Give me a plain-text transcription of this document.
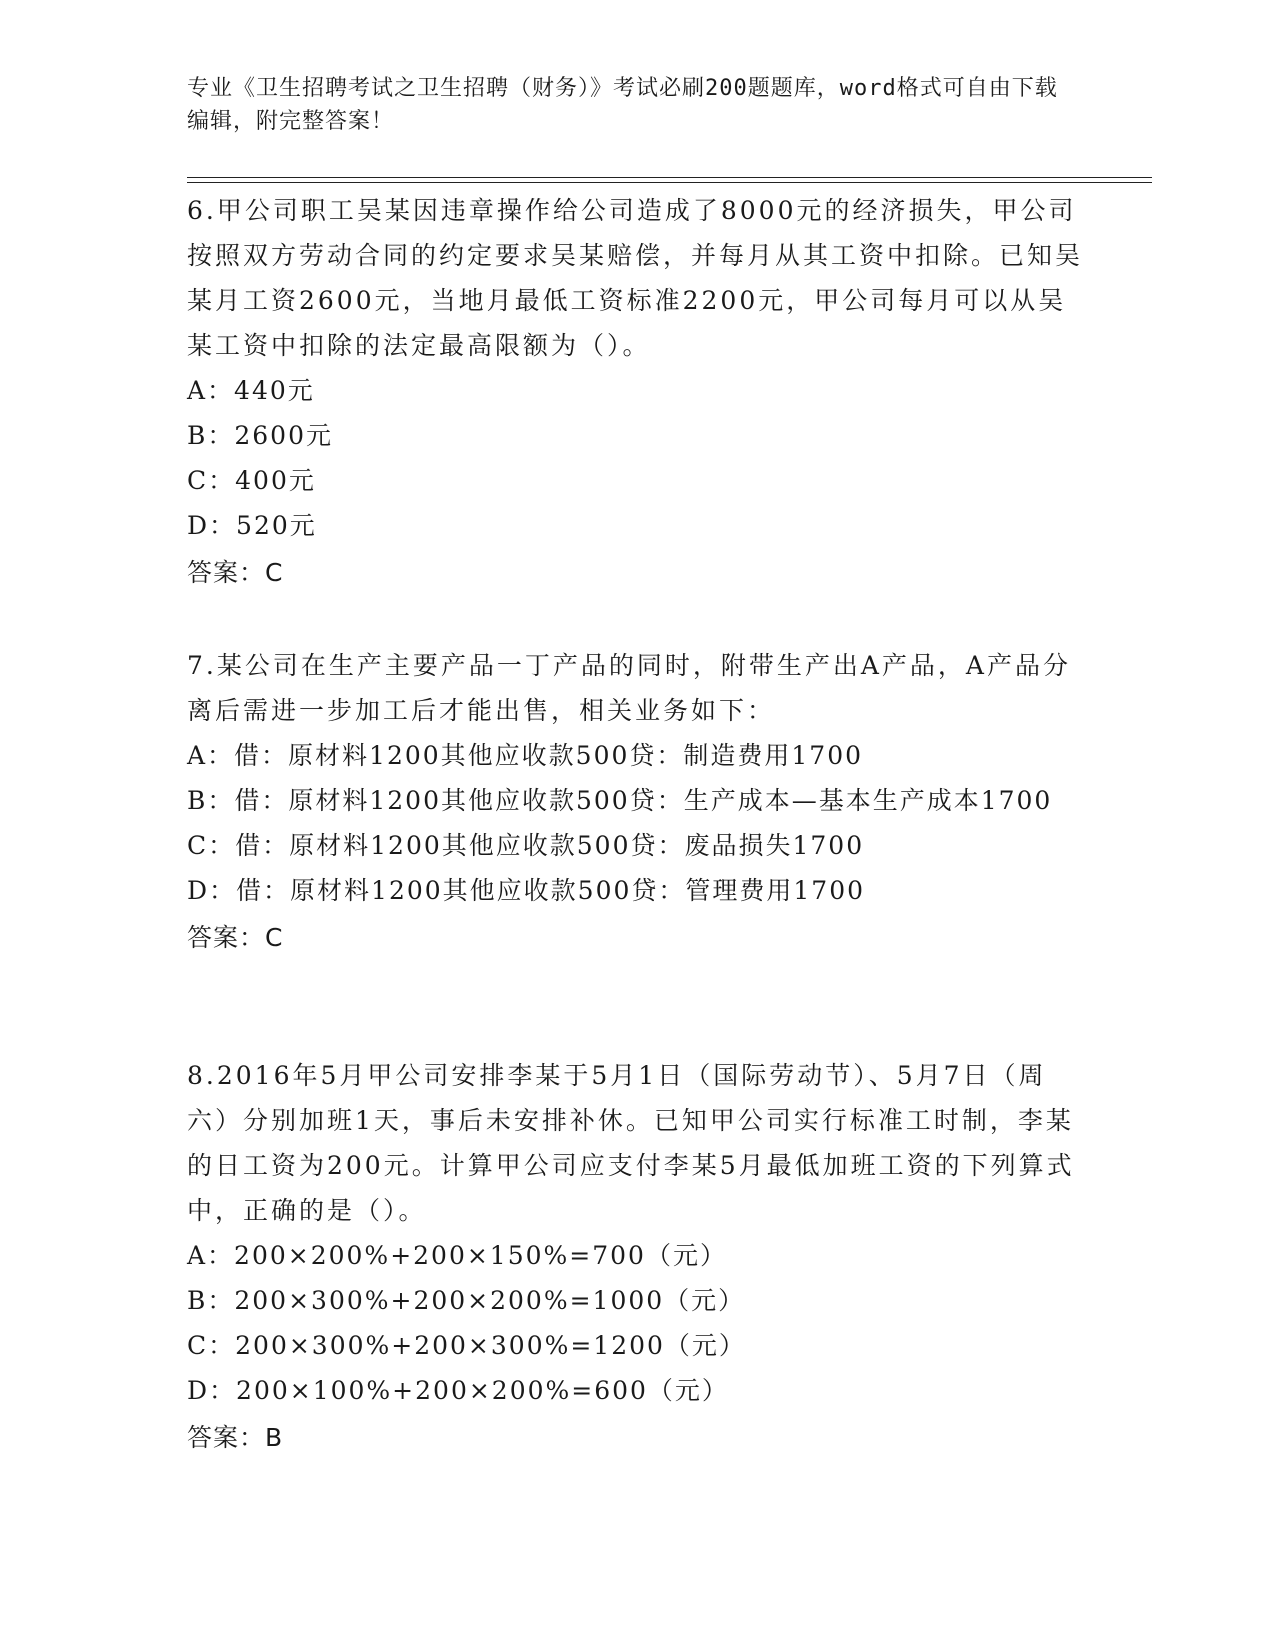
专业《卫生招聘考试之卫生招聘（财务）》考试必刷200题题库，word格式可自由下载编辑，附完整答案！
6.甲公司职工吴某因违章操作给公司造成了8000元的经济损失，甲公司按照双方劳动合同的约定要求吴某赔偿，并每月从其工资中扣除。已知吴某月工资2600元，当地月最低工资标准2200元，甲公司每月可以从吴某工资中扣除的法定最高限额为（）。
A：440元
B：2600元
C：400元
D：520元
答案：C
7.某公司在生产主要产品一丁产品的同时，附带生产出A产品，A产品分离后需进一步加工后才能出售，相关业务如下：
A：借：原材料1200其他应收款500贷：制造费用1700
B：借：原材料1200其他应收款500贷：生产成本—基本生产成本1700
C：借：原材料1200其他应收款500贷：废品损失1700
D：借：原材料1200其他应收款500贷：管理费用1700
答案：C
8.2016年5月甲公司安排李某于5月1日（国际劳动节）、5月7日（周六）分别加班1天，事后未安排补休。已知甲公司实行标准工时制，李某的日工资为200元。计算甲公司应支付李某5月最低加班工资的下列算式中，正确的是（）。
A：200×200%+200×150%=700（元）
B：200×300%+200×200%=1000（元）
C：200×300%+200×300%=1200（元）
D：200×100%+200×200%=600（元）
答案：B
